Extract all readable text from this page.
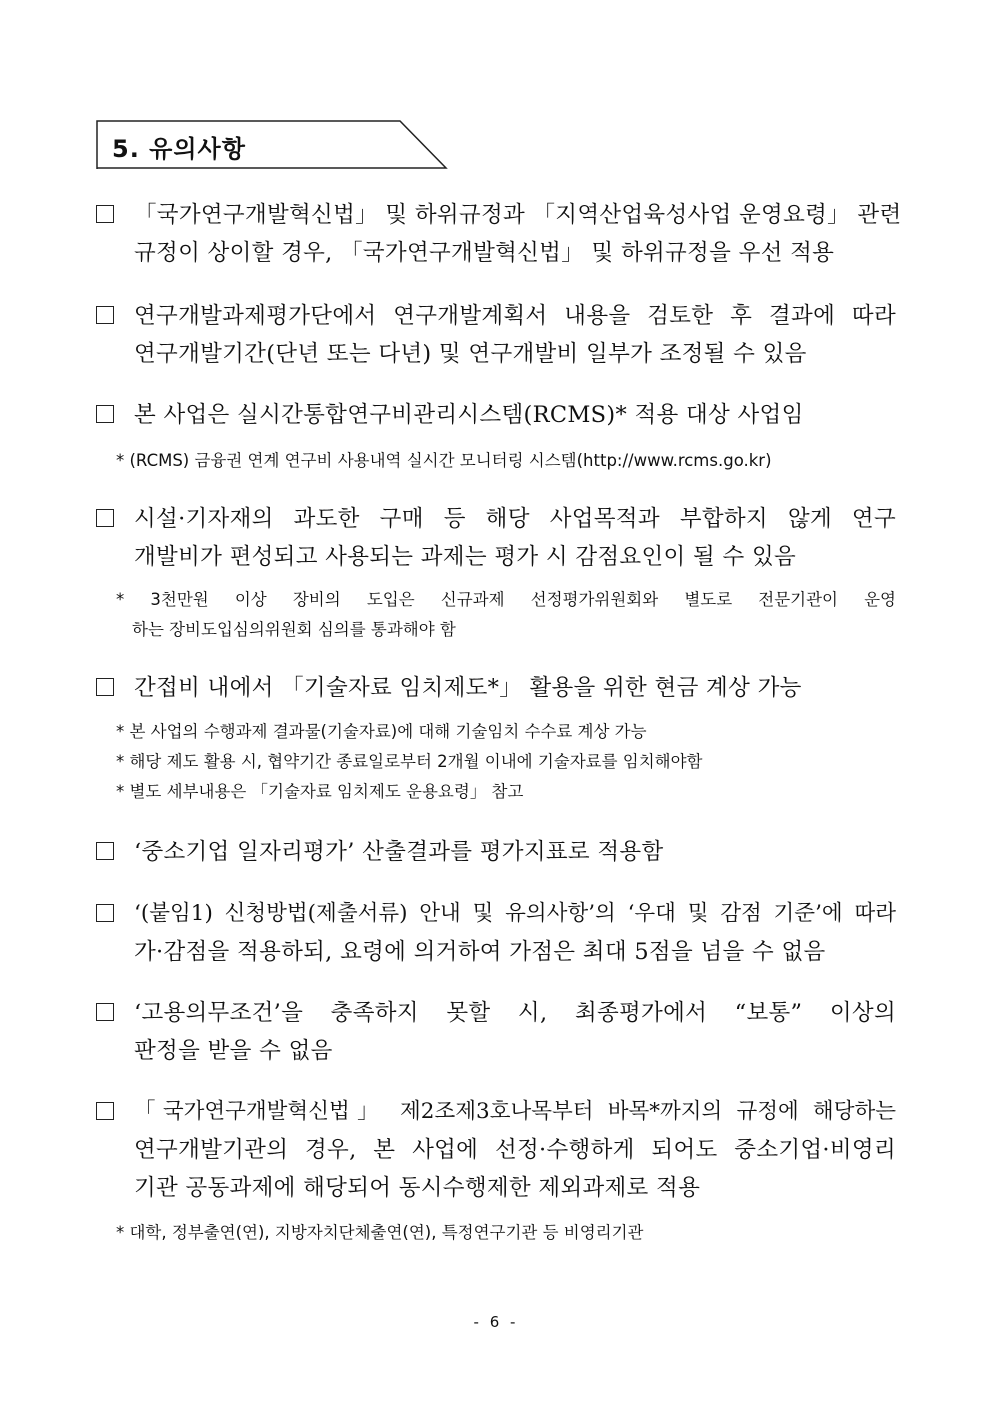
5. 유의사항
「국가연구개발혁신법」 및 하위규정과 「지역산업육성사업 운영요령」 관련
규정이 상이할 경우, 「국가연구개발혁신법」 및 하위규정을 우선 적용
연구개발과제평가단에서 연구개발계획서 내용을 검토한 후 결과에 따라
연구개발기간(단년 또는 다년) 및 연구개발비 일부가 조정될 수 있음
본 사업은 실시간통합연구비관리시스템(RCMS)* 적용 대상 사업임
* (RCMS) 금융권 연계 연구비 사용내역 실시간 모니터링 시스템(http://www.rcms.go.kr)
시설·기자재의 과도한 구매 등 해당 사업목적과 부합하지 않게 연구
개발비가 편성되고 사용되는 과제는 평가 시 감점요인이 될 수 있음
* 3천만원 이상 장비의 도입은 신규과제 선정평가위원회와 별도로 전문기관이 운영
하는 장비도입심의위원회 심의를 통과해야 함
간접비 내에서 「기술자료 임치제도*」 활용을 위한 현금 계상 가능
* 본 사업의 수행과제 결과물(기술자료)에 대해 기술임치 수수료 계상 가능
* 해당 제도 활용 시, 협약기간 종료일로부터 2개월 이내에 기술자료를 임치해야함
* 별도 세부내용은 「기술자료 임치제도 운용요령」 참고
‘중소기업 일자리평가’ 산출결과를 평가지표로 적용함
‘(붙임1) 신청방법(제출서류) 안내 및 유의사항’의 ‘우대 및 감점 기준’에 따라
가·감점을 적용하되, 요령에 의거하여 가점은 최대 5점을 넘을 수 없음
‘고용의무조건’을 충족하지 못할 시, 최종평가에서 “보통” 이상의
판정을 받을 수 없음
「국가연구개발혁신법」 제2조제3호나목부터 바목*까지의 규정에 해당하는
연구개발기관의 경우, 본 사업에 선정·수행하게 되어도 중소기업·비영리
기관 공동과제에 해당되어 동시수행제한 제외과제로 적용
* 대학, 정부출연(연), 지방자치단체출연(연), 특정연구기관 등 비영리기관
- 6 -
